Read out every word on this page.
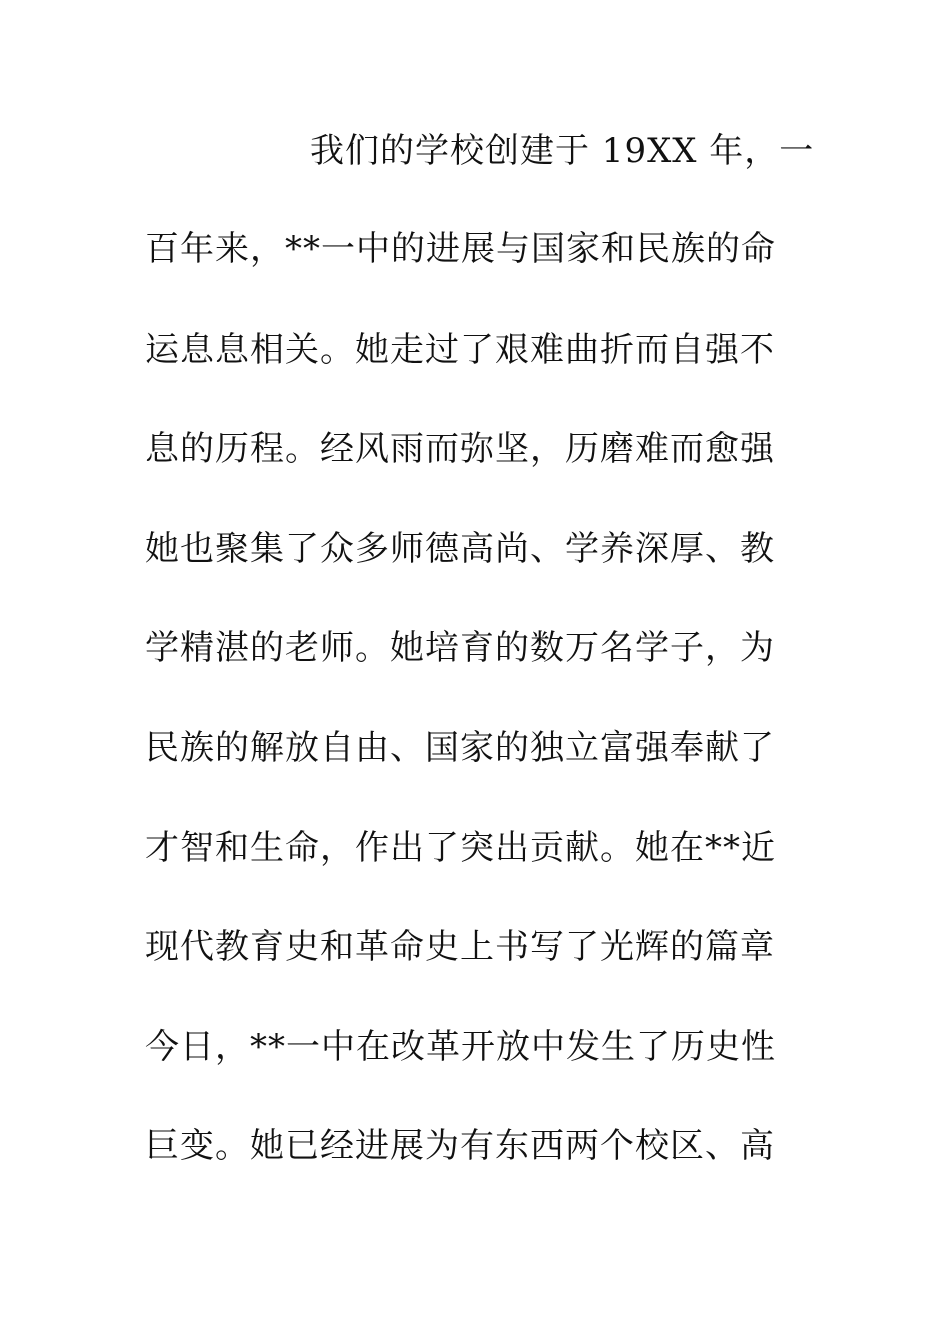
我们的学校创建于 19XX 年，一
百年来，**一中的进展与国家和民族的命
运息息相关。她走过了艰难曲折而自强不
息的历程。经风雨而弥坚，历磨难而愈强
她也聚集了众多师德高尚、学养深厚、教
学精湛的老师。她培育的数万名学子，为
民族的解放自由、国家的独立富强奉献了
才智和生命，作出了突出贡献。她在**近
现代教育史和革命史上书写了光辉的篇章
今日，**一中在改革开放中发生了历史性
巨变。她已经进展为有东西两个校区、高
